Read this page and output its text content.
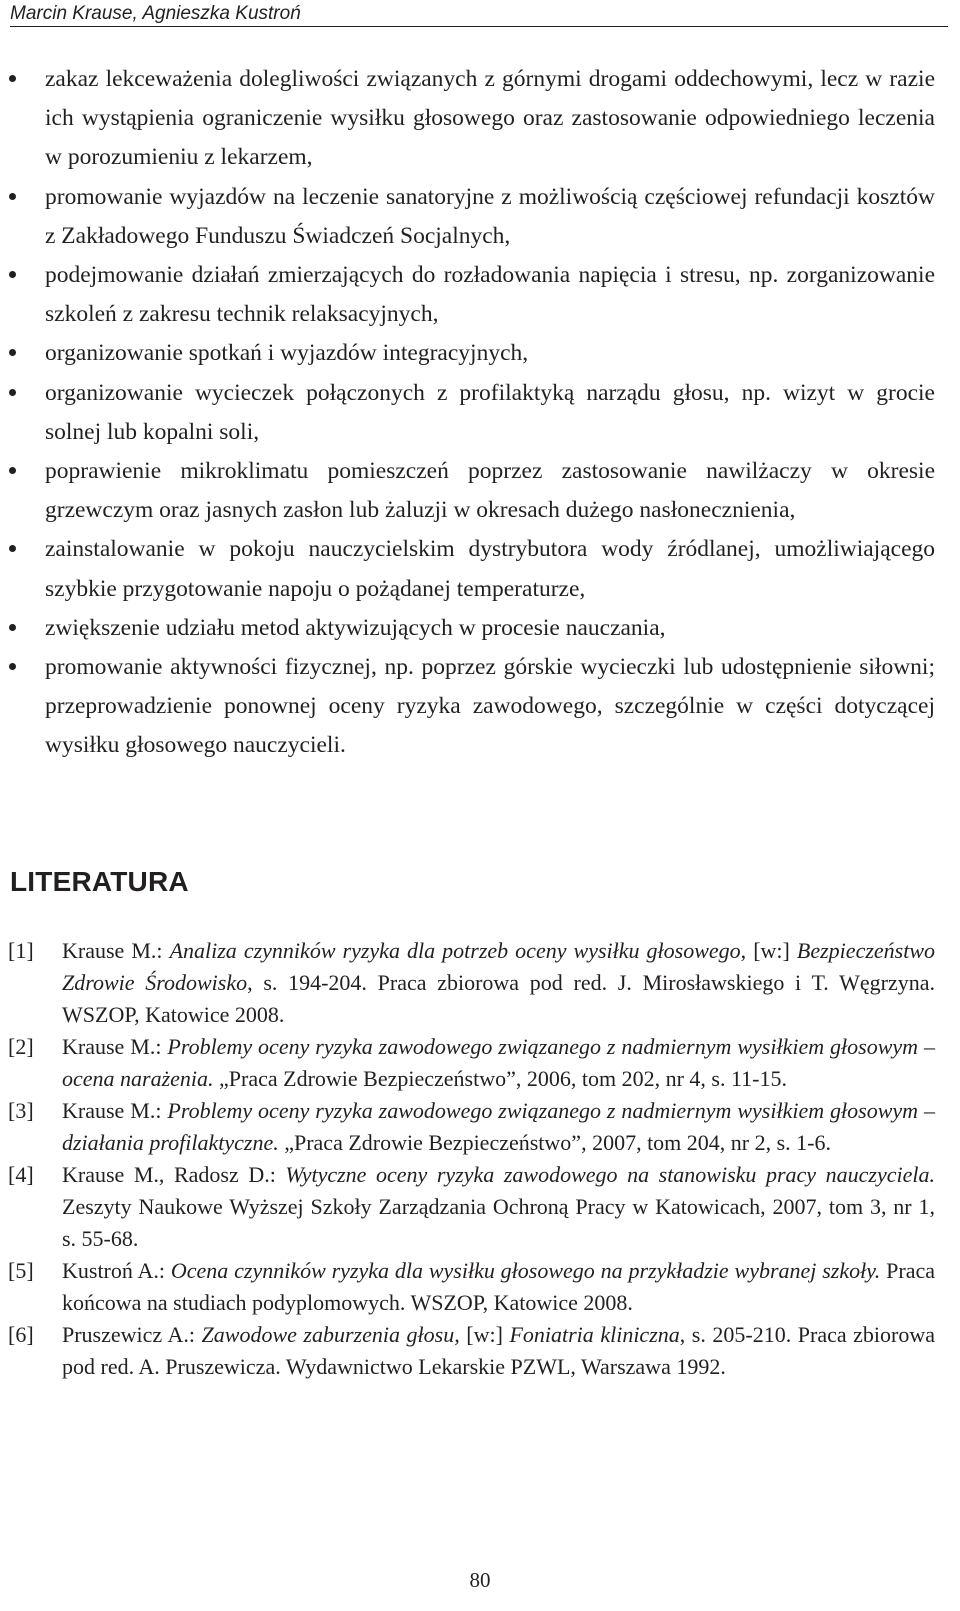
Marcin Krause, Agnieszka Kustroń
zakaz lekceważenia dolegliwości związanych z górnymi drogami oddechowymi, lecz w razie ich wystąpienia ograniczenie wysiłku głosowego oraz zastosowanie odpowiedniego leczenia w porozumieniu z lekarzem,
promowanie wyjazdów na leczenie sanatoryjne z możliwością częściowej refundacji kosztów z Zakładowego Funduszu Świadczeń Socjalnych,
podejmowanie działań zmierzających do rozładowania napięcia i stresu, np. zorganizowanie szkoleń z zakresu technik relaksacyjnych,
organizowanie spotkań i wyjazdów integracyjnych,
organizowanie wycieczek połączonych z profilaktyką narządu głosu, np. wizyt w grocie solnej lub kopalni soli,
poprawienie mikroklimatu pomieszczeń poprzez zastosowanie nawilżaczy w okresie grzewczym oraz jasnych zasłon lub żaluzji w okresach dużego nasłonecznienia,
zainstalowanie w pokoju nauczycielskim dystrybutora wody źródlanej, umożliwiającego szybkie przygotowanie napoju o pożądanej temperaturze,
zwiększenie udziału metod aktywizujących w procesie nauczania,
promowanie aktywności fizycznej, np. poprzez górskie wycieczki lub udostępnienie siłowni; przeprowadzienie ponownej oceny ryzyka zawodowego, szczególnie w części dotyczącej wysiłku głosowego nauczycieli.
LITERATURA
[1] Krause M.: Analiza czynników ryzyka dla potrzeb oceny wysiłku głosowego, [w:] Bezpieczeństwo Zdrowie Środowisko, s. 194-204. Praca zbiorowa pod red. J. Mirosławskiego i T. Węgrzyna. WSZOP, Katowice 2008.
[2] Krause M.: Problemy oceny ryzyka zawodowego związanego z nadmiernym wysiłkiem głosowym – ocena narażenia. „Praca Zdrowie Bezpieczeństwo”, 2006, tom 202, nr 4, s. 11-15.
[3] Krause M.: Problemy oceny ryzyka zawodowego związanego z nadmiernym wysiłkiem głosowym – działania profilaktyczne. „Praca Zdrowie Bezpieczeństwo”, 2007, tom 204, nr 2, s. 1-6.
[4] Krause M., Radosz D.: Wytyczne oceny ryzyka zawodowego na stanowisku pracy nauczyciela. Zeszyty Naukowe Wyższej Szkoły Zarządzania Ochroną Pracy w Katowicach, 2007, tom 3, nr 1, s. 55-68.
[5] Kustroń A.: Ocena czynników ryzyka dla wysiłku głosowego na przykładzie wybranej szkoły. Praca końcowa na studiach podyplomowych. WSZOP, Katowice 2008.
[6] Pruszewicz A.: Zawodowe zaburzenia głosu, [w:] Foniatria kliniczna, s. 205-210. Praca zbiorowa pod red. A. Pruszewicza. Wydawnictwo Lekarskie PZWL, Warszawa 1992.
80
